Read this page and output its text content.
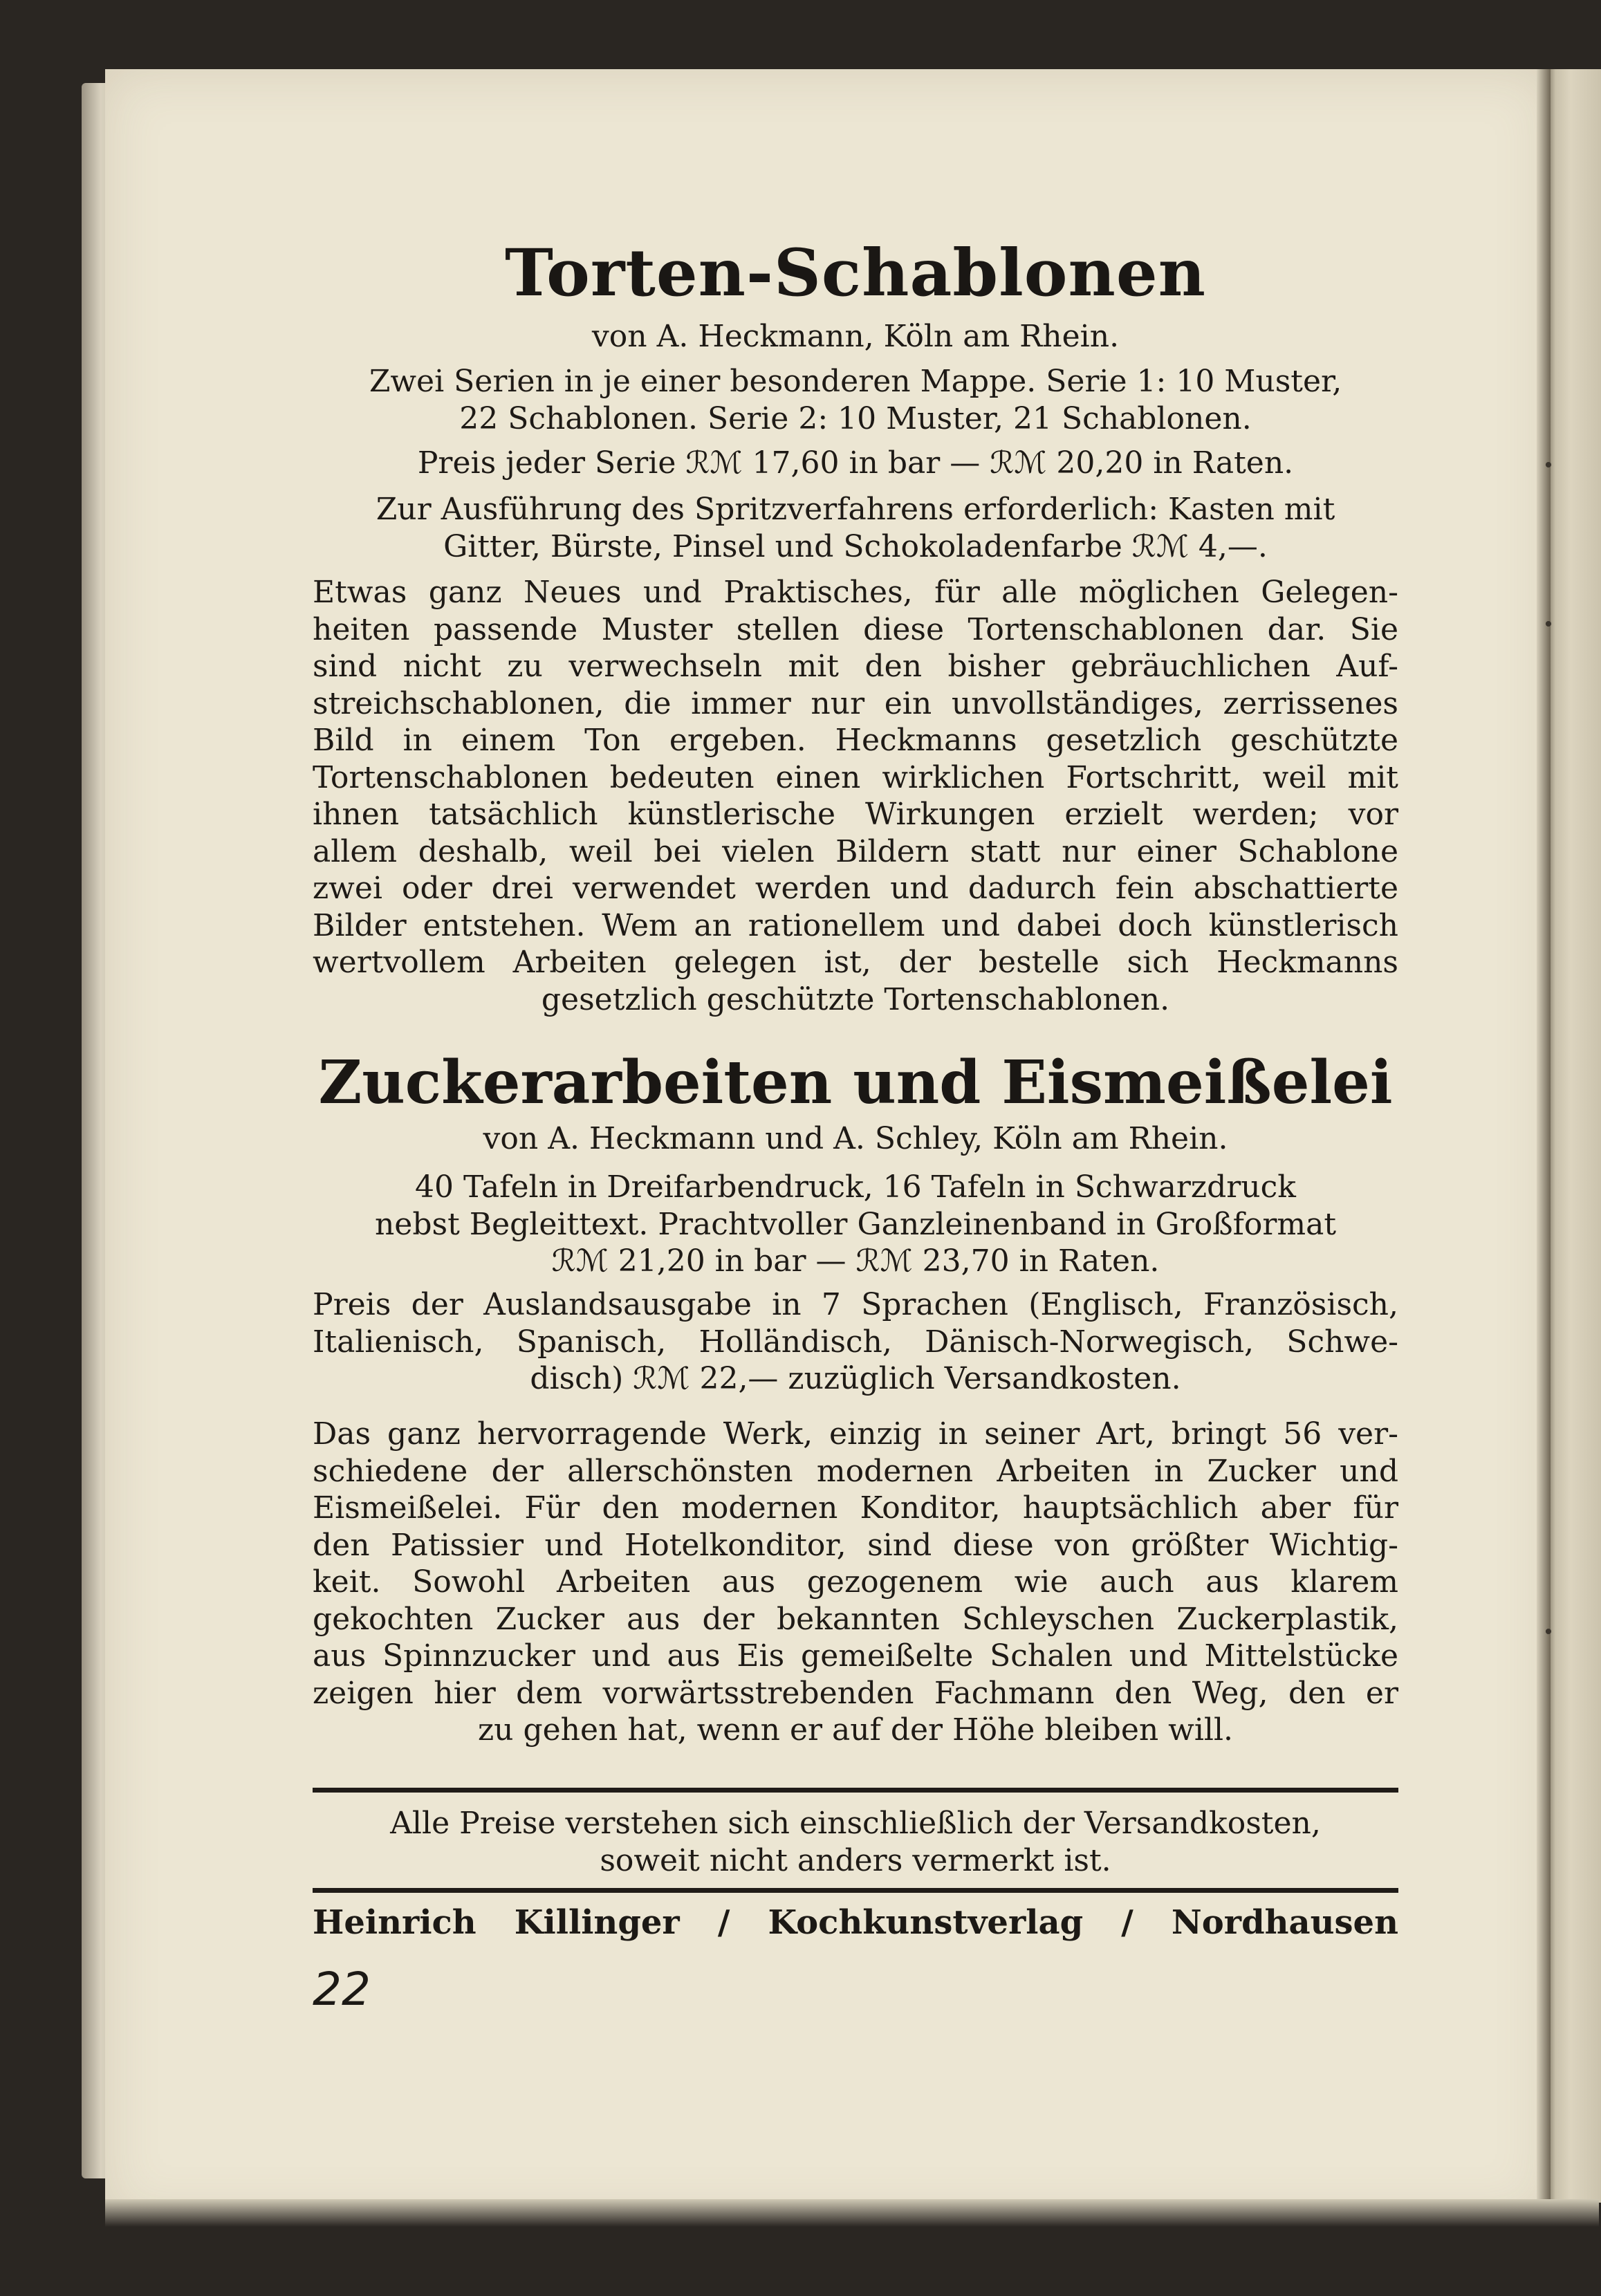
Torten-Schablonen
von A. Heckmann, Köln am Rhein.
Zwei Serien in je einer besonderen Mappe. Serie 1: 10 Muster,
22 Schablonen. Serie 2: 10 Muster, 21 Schablonen.
Preis jeder Serie ℛℳ 17,60 in bar — ℛℳ 20,20 in Raten.
Zur Ausführung des Spritzverfahrens erforderlich: Kasten mit
Gitter, Bürste, Pinsel und Schokoladenfarbe ℛℳ 4,—.
Etwas ganz Neues und Praktisches, für alle möglichen Gelegen-
heiten passende Muster stellen diese Tortenschablonen dar. Sie
sind nicht zu verwechseln mit den bisher gebräuchlichen Auf-
streichschablonen, die immer nur ein unvollständiges, zerrissenes
Bild in einem Ton ergeben. Heckmanns gesetzlich geschützte
Tortenschablonen bedeuten einen wirklichen Fortschritt, weil mit
ihnen tatsächlich künstlerische Wirkungen erzielt werden; vor
allem deshalb, weil bei vielen Bildern statt nur einer Schablone
zwei oder drei verwendet werden und dadurch fein abschattierte
Bilder entstehen. Wem an rationellem und dabei doch künstlerisch
wertvollem Arbeiten gelegen ist, der bestelle sich Heckmanns
gesetzlich geschützte Tortenschablonen.
Zuckerarbeiten und Eismeißelei
von A. Heckmann und A. Schley, Köln am Rhein.
40 Tafeln in Dreifarbendruck, 16 Tafeln in Schwarzdruck
nebst Begleittext. Prachtvoller Ganzleinenband in Großformat
ℛℳ 21,20 in bar — ℛℳ 23,70 in Raten.
Preis der Auslandsausgabe in 7 Sprachen (Englisch, Französisch,
Italienisch, Spanisch, Holländisch, Dänisch-Norwegisch, Schwe-
disch) ℛℳ 22,— zuzüglich Versandkosten.
Das ganz hervorragende Werk, einzig in seiner Art, bringt 56 ver-
schiedene der allerschönsten modernen Arbeiten in Zucker und
Eismeißelei. Für den modernen Konditor, hauptsächlich aber für
den Patissier und Hotelkonditor, sind diese von größter Wichtig-
keit. Sowohl Arbeiten aus gezogenem wie auch aus klarem
gekochten Zucker aus der bekannten Schleyschen Zuckerplastik,
aus Spinnzucker und aus Eis gemeißelte Schalen und Mittelstücke
zeigen hier dem vorwärtsstrebenden Fachmann den Weg, den er
zu gehen hat, wenn er auf der Höhe bleiben will.
Alle Preise verstehen sich einschließlich der Versandkosten,
soweit nicht anders vermerkt ist.
Heinrich Killinger / Kochkunstverlag / Nordhausen
22
